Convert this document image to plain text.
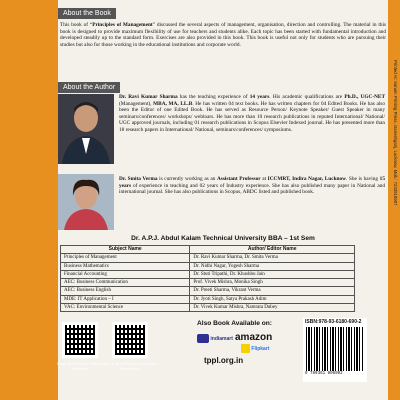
About the Book
This book of “Principles of Management” discussed the several aspects of management, organisation, direction and controlling. The material in this book is designed to provide maximum flexibility of use for teachers and students alike. Each topic has been started with fundamental introduction and developed steadily up to the standard form. Exercises are also provided in this book. This book is useful not only for students who are pursuing their studies but also for those working in the educational institutions and corporate world.
About the Author
Dr. Ravi Kumar Sharma has the teaching experience of 14 years. His academic qualifications are Ph.D., UGC-NET (Management), MBA, MA, LL.B. He has written 04 text books. He has written chapters for 04 Edited Books. He has also been the Editor of one Edited Book. He has served as Resource Person/ Keynote Speaker/ Guest Speaker in many seminars/conferences/ workshops/ webinars. He has more than 10 research publications in reputed International/ National/ UGC approved journals, including 01 research publications in Scopus Elsevier Indexed journal. He has presented more than 18 research papers in International/ National, seminars/conferences/ symposiums.
Dr. Smita Verma is currently working as an Assistant Professor at ICCMRT, Indira Nagar, Lucknow. She is having 15 years of experience in teaching and 02 years of Industry experience. She has also published many paper in National and international journal. She has also publications in Scopus, ABDC listed and published book.	Printed At: Sonam Printing Press, Ganeshganj, Lucknow, Mob.: 7233918907
Dr. A.P.J. Abdul Kalam Technical University BBA – 1st Sem
Subject Name	Author/ Editor Name
Principles of Management	Dr. Ravi Kumar Sharma, Dr. Smita Verma
Business Mathematics	Dr. Nidhi Nagar, Yogesh Sharma
Financial Accounting	Dr. Stuti Tripathi, Dr. Khushbu Jain
AEC: Business Communication	Prof. Vivek Mishra, Monika Singh
AEC: Business English	Dr. Preeti Sharma, Vikrant Verma
MDE: IT Application – I	Dr. Jyoti Singh, Satya Prakash Adim
VAC: Environmental Science	Dr. Vivek Kumar Mishra, Namrata Dubey
Scan QR Code for Official Website
Buy E-Book Edition in Google Play Books
Also Book Available on:
indiamart amazon
Flipkart
tppl.org.in
ISBN:978-93-6180-690-2
9 789361 806902
